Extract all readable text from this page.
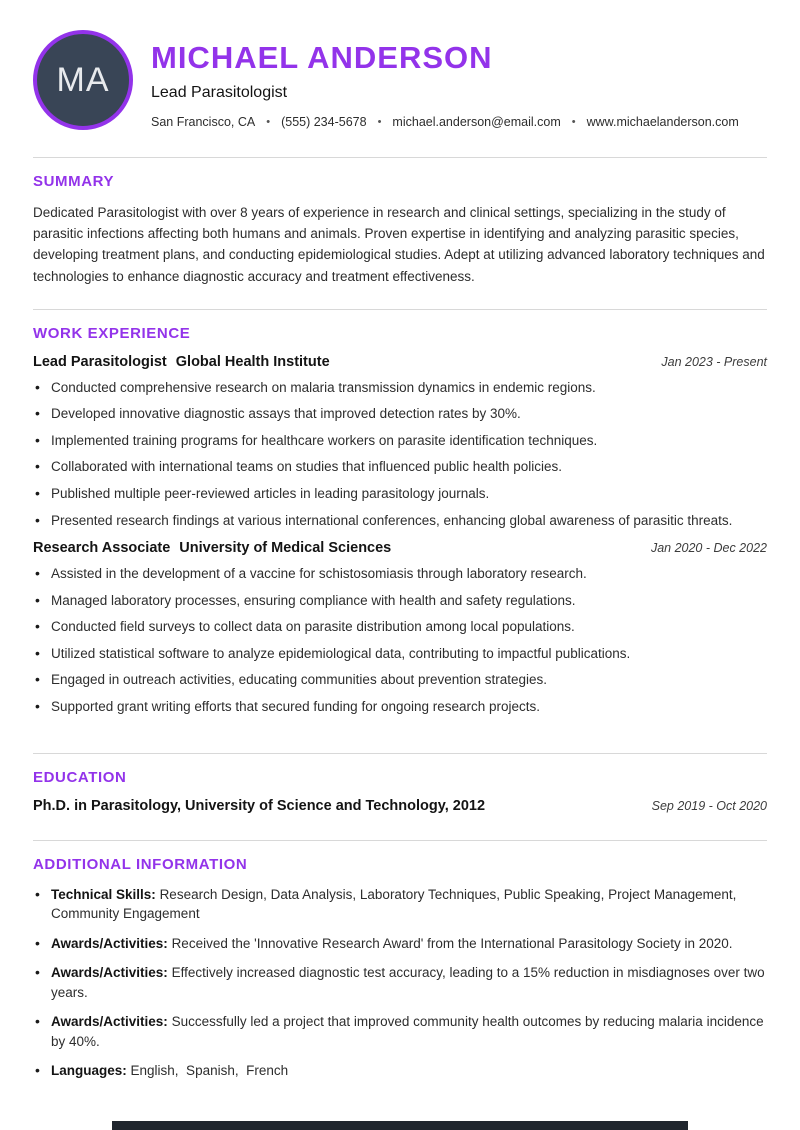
MA
MICHAEL ANDERSON
Lead Parasitologist
San Francisco, CA • (555) 234-5678 • michael.anderson@email.com • www.michaelanderson.com
SUMMARY
Dedicated Parasitologist with over 8 years of experience in research and clinical settings, specializing in the study of parasitic infections affecting both humans and animals. Proven expertise in identifying and analyzing parasitic species, developing treatment plans, and conducting epidemiological studies. Adept at utilizing advanced laboratory techniques and technologies to enhance diagnostic accuracy and treatment effectiveness.
WORK EXPERIENCE
Lead Parasitologist Global Health Institute	Jan 2023 - Present
• Conducted comprehensive research on malaria transmission dynamics in endemic regions.
• Developed innovative diagnostic assays that improved detection rates by 30%.
• Implemented training programs for healthcare workers on parasite identification techniques.
• Collaborated with international teams on studies that influenced public health policies.
• Published multiple peer-reviewed articles in leading parasitology journals.
• Presented research findings at various international conferences, enhancing global awareness of parasitic threats.
Research Associate University of Medical Sciences	Jan 2020 - Dec 2022
• Assisted in the development of a vaccine for schistosomiasis through laboratory research.
• Managed laboratory processes, ensuring compliance with health and safety regulations.
• Conducted field surveys to collect data on parasite distribution among local populations.
• Utilized statistical software to analyze epidemiological data, contributing to impactful publications.
• Engaged in outreach activities, educating communities about prevention strategies.
• Supported grant writing efforts that secured funding for ongoing research projects.
EDUCATION
Ph.D. in Parasitology, University of Science and Technology, 2012	Sep 2019 - Oct 2020
ADDITIONAL INFORMATION
• Technical Skills: Research Design, Data Analysis, Laboratory Techniques, Public Speaking, Project Management, Community Engagement
• Awards/Activities: Received the 'Innovative Research Award' from the International Parasitology Society in 2020.
• Awards/Activities: Effectively increased diagnostic test accuracy, leading to a 15% reduction in misdiagnoses over two years.
• Awards/Activities: Successfully led a project that improved community health outcomes by reducing malaria incidence by 40%.
• Languages: English,  Spanish,  French
